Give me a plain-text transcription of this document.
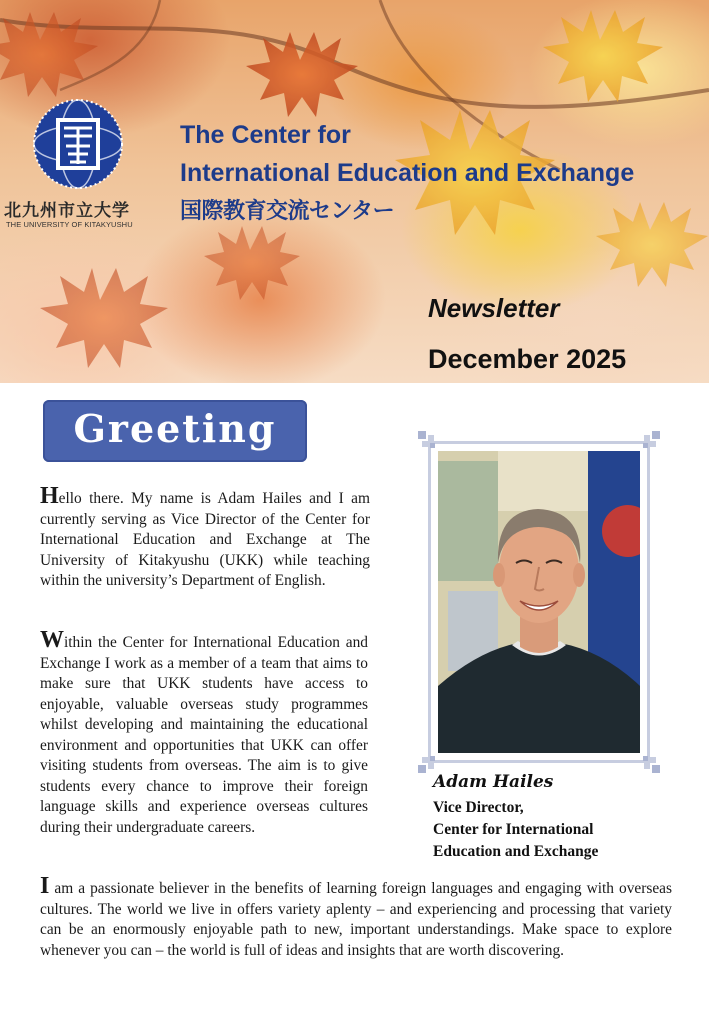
北九州市立大学
THE UNIVERSITY OF KITAKYUSHU
The Center for
International Education and Exchange
国際教育交流センター
Newsletter
December 2025
Greeting

Hello there. My name is Adam Hailes and I am currently serving as Vice Director of the Center for International Education and Exchange at The University of Kitakyushu (UKK) while teaching within the university’s Department of English.

Within the Center for International Education and Exchange I work as a member of a team that aims to make sure that UKK students have access to enjoyable, valuable overseas study programmes whilst developing and maintaining the educational environment and opportunities that UKK can offer visiting students from overseas. The aim is to give students every chance to improve their foreign language skills and experience overseas cultures during their undergraduate careers.

I am a passionate believer in the benefits of learning foreign languages and engaging with overseas cultures. The world we live in offers variety aplenty – and experiencing and processing that variety can be an enormously enjoyable path to new, important understandings. Make space to explore whenever you can – the world is full of ideas and insights that are worth discovering.

Adam Hailes
Vice Director,
Center for International
Education and Exchange
